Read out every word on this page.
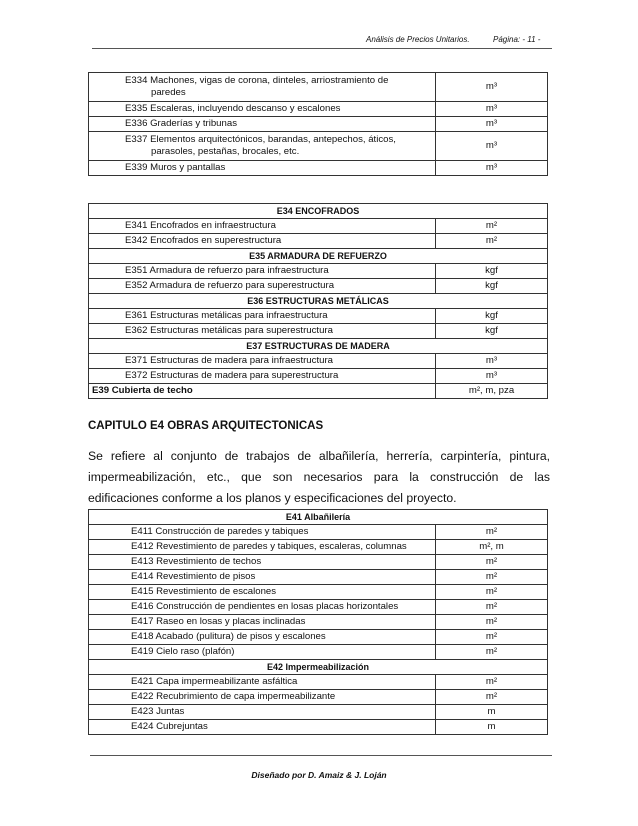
Análisis de Precios Unitarios.	Página: - 11 -
E334 Machones, vigas de corona, dinteles, arriostramiento de
paredes	m³
E335 Escaleras, incluyendo descanso y escalones	m³
E336 Graderías y tribunas	m³
E337 Elementos arquitectónicos, barandas, antepechos, áticos,
parasoles, pestañas, brocales, etc.	m³
E339 Muros y pantallas	m³
E34 ENCOFRADOS	
E341 Encofrados en infraestructura	m²
E342 Encofrados en superestructura	m²
E35 ARMADURA DE REFUERZO	
E351 Armadura de refuerzo para infraestructura	kgf
E352 Armadura de refuerzo para superestructura	kgf
E36 ESTRUCTURAS METÁLICAS	
E361 Estructuras metálicas para infraestructura	kgf
E362 Estructuras metálicas para superestructura	kgf
E37 ESTRUCTURAS DE MADERA	
E371 Estructuras de madera para infraestructura	m³
E372 Estructuras de madera para superestructura	m³
E39 Cubierta de techo	m², m, pza
CAPITULO E4 OBRAS ARQUITECTONICAS
Se refiere al conjunto de trabajos de albañilería, herrería, carpintería, pintura, impermeabilización, etc., que son necesarios para la construcción de las edificaciones conforme a los planos y especificaciones del proyecto.
E41 Albañilería	
E411 Construcción de paredes y tabiques	m²
E412 Revestimiento de paredes y tabiques, escaleras, columnas	m², m
E413 Revestimiento de techos	m²
E414 Revestimiento de pisos	m²
E415 Revestimiento de escalones	m²
E416 Construcción de pendientes en losas placas horizontales	m²
E417 Raseo en losas y placas inclinadas	m²
E418 Acabado (pulitura) de pisos y escalones	m²
E419 Cielo raso (plafón)	m²
E42 Impermeabilización	
E421 Capa impermeabilizante asfáltica	m²
E422 Recubrimiento de capa impermeabilizante	m²
E423 Juntas	m
E424 Cubrejuntas	m
Diseñado por D. Amaiz & J. Loján
